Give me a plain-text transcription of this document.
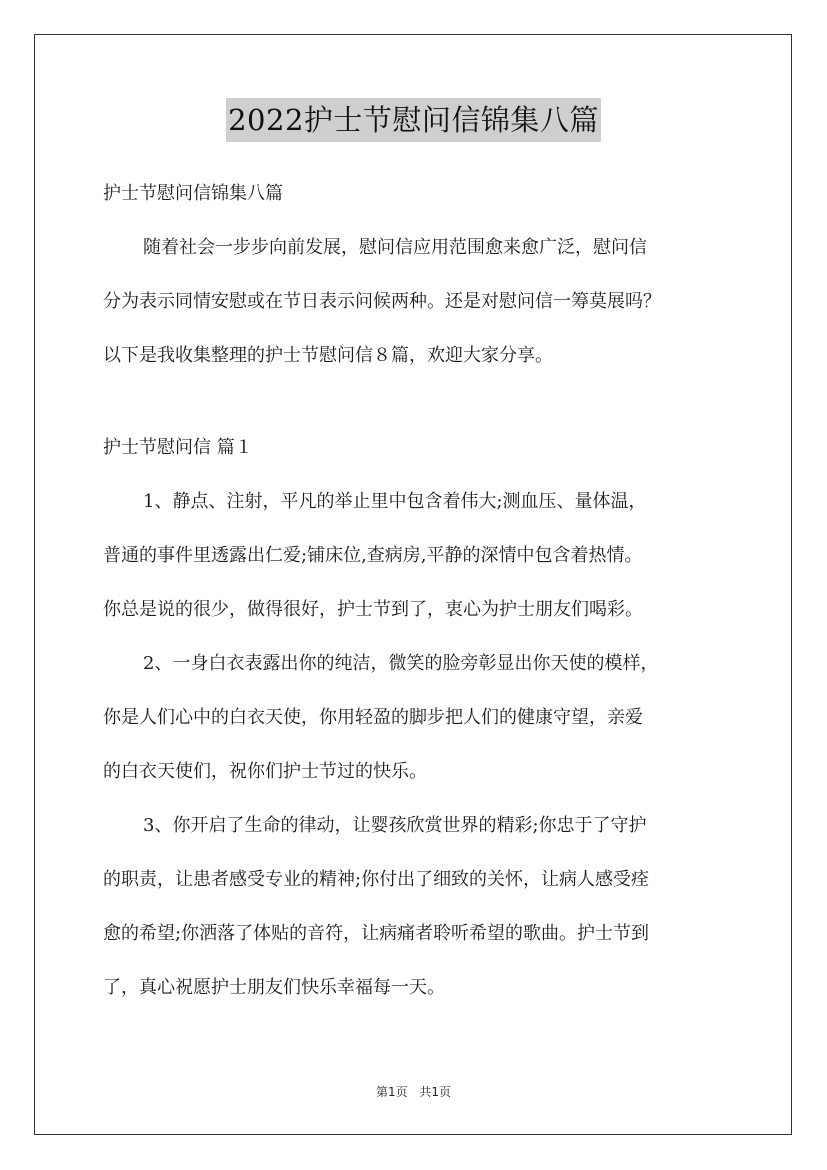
2022护士节慰问信锦集八篇
护士节慰问信锦集八篇
随着社会一步步向前发展，慰问信应用范围愈来愈广泛，慰问信
分为表示同情安慰或在节日表示问候两种。还是对慰问信一筹莫展吗？
以下是我收集整理的护士节慰问信８篇，欢迎大家分享。
护士节慰问信 篇１
1、静点、注射，平凡的举止里中包含着伟大;测血压、量体温，
普通的事件里透露出仁爱;铺床位,查病房,平静的深情中包含着热情。
你总是说的很少，做得很好，护士节到了，衷心为护士朋友们喝彩。
2、一身白衣表露出你的纯洁，微笑的脸旁彰显出你天使的模样，
你是人们心中的白衣天使，你用轻盈的脚步把人们的健康守望，亲爱
的白衣天使们，祝你们护士节过的快乐。
3、你开启了生命的律动，让婴孩欣赏世界的精彩;你忠于了守护
的职责，让患者感受专业的精神;你付出了细致的关怀，让病人感受痊
愈的希望;你洒落了体贴的音符，让病痛者聆听希望的歌曲。护士节到
了，真心祝愿护士朋友们快乐幸福每一天。
第1页 共1页
